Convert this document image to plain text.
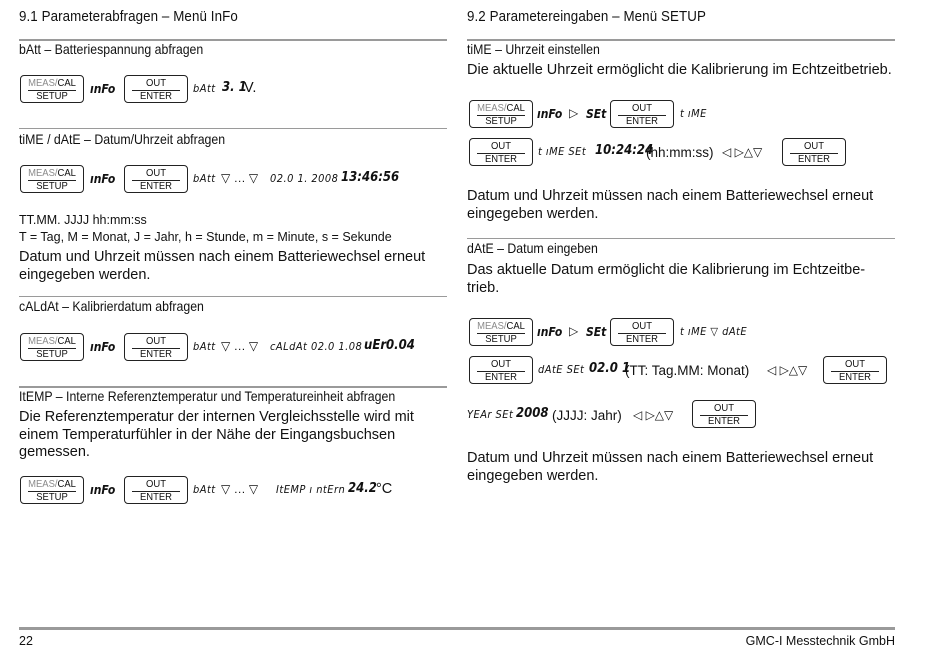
9.1 Parameterabfragen – Menü InFo
bAtt – Batteriespannung abfragen
MEAS/CAL
SETUP	ınFo	OUT
ENTER
bAtt 3. 1
V.
tiME / dAtE – Datum/Uhrzeit abfragen
MEAS/CAL
SETUP	ınFo	OUT
ENTER
bAtt ▽ … ▽ 02.0 1. 2008 13:46:56
TT.MM. JJJJ hh:mm:ss
T = Tag, M = Monat, J = Jahr, h = Stunde, m = Minute, s = Sekunde
Datum und Uhrzeit müssen nach einem Batteriewechsel erneut eingegeben werden.
cALdAt – Kalibrierdatum abfragen
MEAS/CAL
SETUP	ınFo	OUT
ENTER
bAtt ▽ … ▽ cALdAt 02.0 1.08 uEr 0.04
ItEMP – Interne Referenztemperatur und Temperatureinheit abfragen
Die Referenztemperatur der internen Vergleichsstelle wird mit einem Temperaturfühler in der Nähe der Eingangsbuchsen gemessen.
MEAS/CAL
SETUP	ınFo	OUT
ENTER
bAtt ▽ … ▽ ItEMP ı ntErn 24.2 °C
9.2 Parametereingaben – Menü SETUP
tiME – Uhrzeit einstellen
Die aktuelle Uhrzeit ermöglicht die Kalibrierung im Echtzeitbetrieb.
MEAS/CAL
SETUP	ınFo ▷ SEt	OUT
ENTER
t ıME
OUT
ENTER
t ıME SEt 10:24:24
(hh:mm:ss) ◁ ▷△▽	OUT
ENTER
Datum und Uhrzeit müssen nach einem Batteriewechsel erneut eingegeben werden.
dAtE – Datum eingeben
Das aktuelle Datum ermöglicht die Kalibrierung im Echtzeitbetrieb.
MEAS/CAL
SETUP	ınFo ▷ SEt	OUT
ENTER
t ıME ▽ dAtE
OUT
ENTER
dAtE SEt 02.0 1
(TT: Tag.MM: Monat) ◁ ▷△▽	OUT
ENTER
YEAr SEt 2008 (JJJJ: Jahr) ◁ ▷△▽	OUT
ENTER
Datum und Uhrzeit müssen nach einem Batteriewechsel erneut eingegeben werden.
22	GMC-I Messtechnik GmbH
